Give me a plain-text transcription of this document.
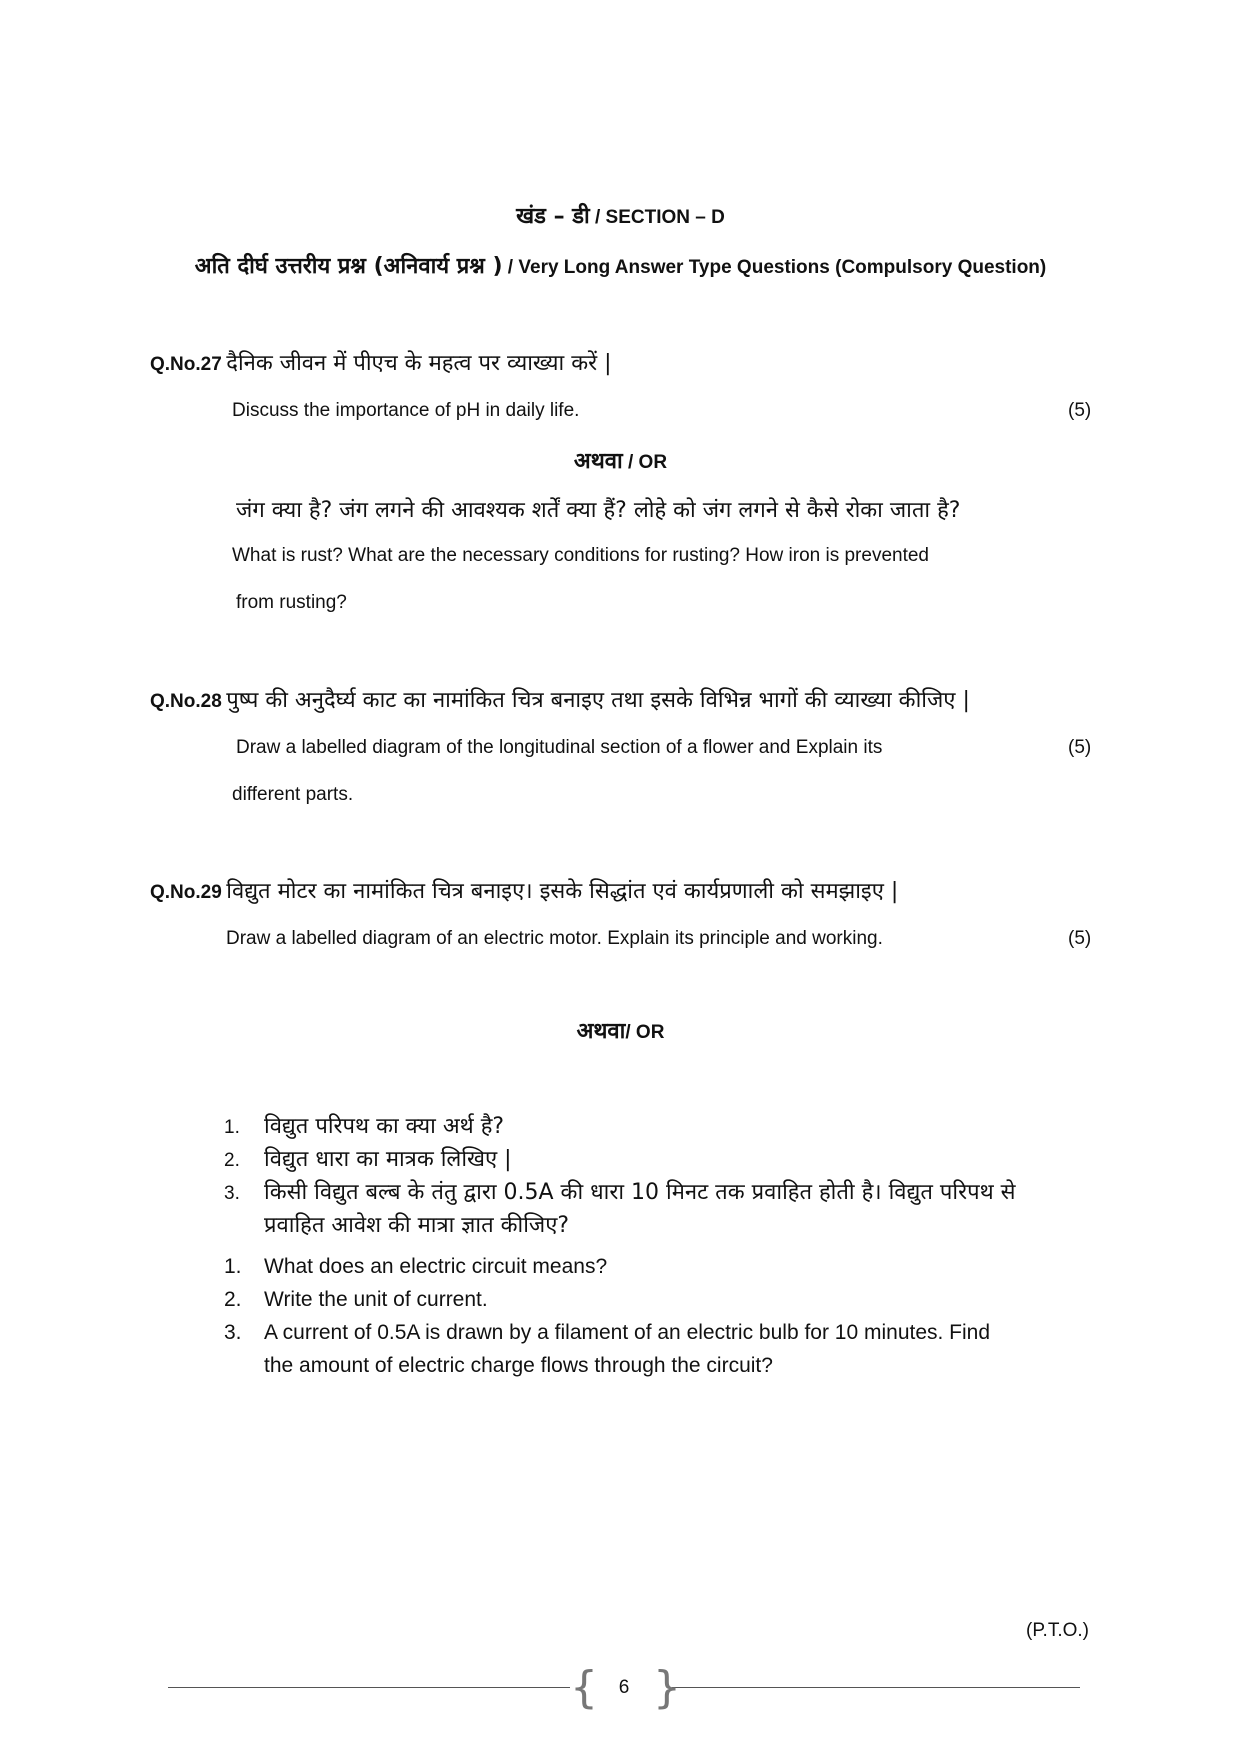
खंड – डी / SECTION – D
अति दीर्घ उत्तरीय प्रश्न (अनिवार्य प्रश्न ) / Very Long Answer Type Questions (Compulsory Question)
Q.No.27 दैनिक जीवन में पीएच के महत्व पर व्याख्या करें |
Discuss the importance of pH in daily life.	(5)
अथवा / OR
जंग क्या है? जंग लगने की आवश्यक शर्तें क्या हैं? लोहे को जंग लगने से कैसे रोका जाता है?
What is rust? What are the necessary conditions for rusting? How iron is prevented
from rusting?
Q.No.28 पुष्प की अनुदैर्घ्य काट का नामांकित चित्र बनाइए तथा इसके विभिन्न भागों की व्याख्या कीजिए |
Draw a labelled diagram of the longitudinal section of a flower and Explain its	(5)
different parts.
Q.No.29 विद्युत मोटर का नामांकित चित्र बनाइए। इसके सिद्धांत एवं कार्यप्रणाली को समझाइए |
Draw a labelled diagram of an electric motor. Explain its principle and working.	(5)
अथवा/ OR
1. विद्युत परिपथ का क्या अर्थ है?
2. विद्युत धारा का मात्रक लिखिए |
3. किसी विद्युत बल्ब के तंतु द्वारा 0.5A की धारा 10 मिनट तक प्रवाहित होती है। विद्युत परिपथ से
प्रवाहित आवेश की मात्रा ज्ञात कीजिए?
1. What does an electric circuit means?
2. Write the unit of current.
3. A current of 0.5A is drawn by a filament of an electric bulb for 10 minutes. Find
the amount of electric charge flows through the circuit?
(P.T.O.)
{ }
6
